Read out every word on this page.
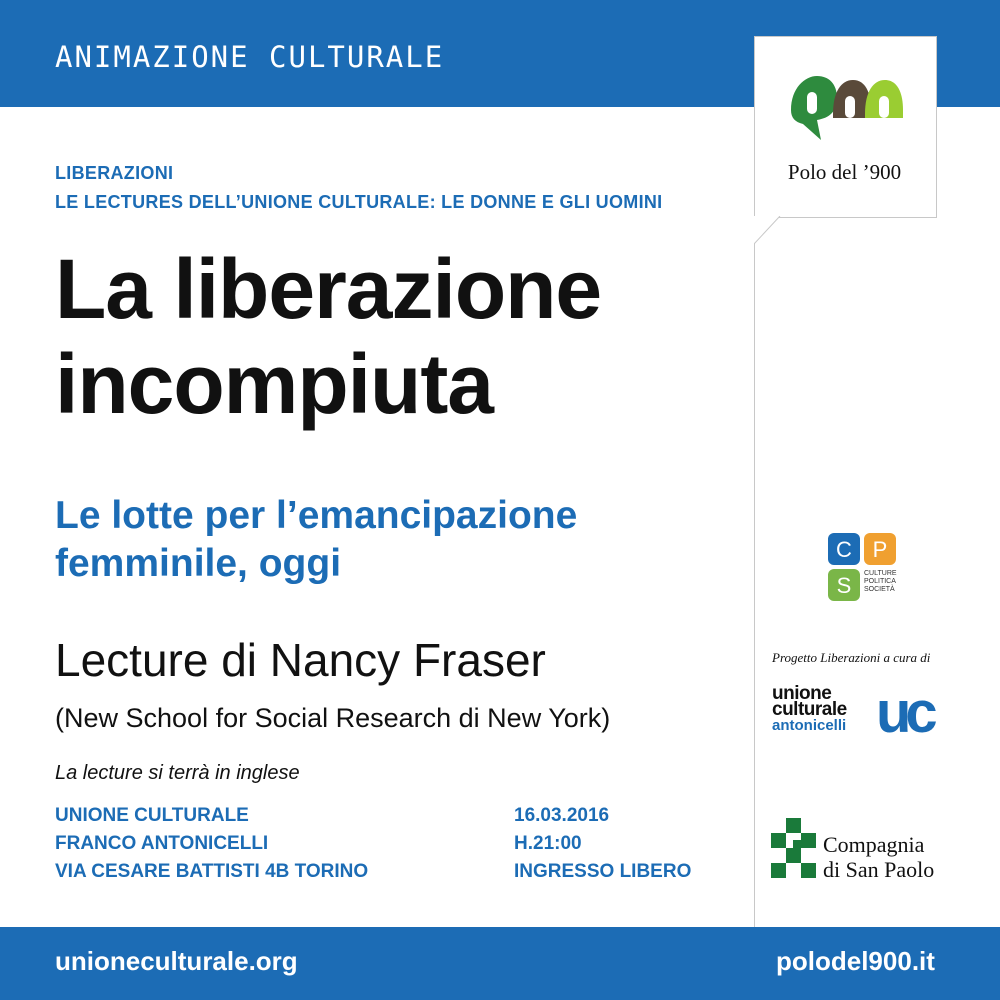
ANIMAZIONE CULTURALE
Polo del ’900
C P
S CULTURE
POLITICA
SOCIETÀ
Progetto Liberazioni a cura di
unione
culturale
antonicelli uc
Compagnia
di San Paolo
LIBERAZIONI
LE LECTURES DELL’UNIONE CULTURALE: LE DONNE E GLI UOMINI
La liberazione
incompiuta
Le lotte per l’emancipazione
femminile, oggi
Lecture di Nancy Fraser
(New School for Social Research di New York)
La lecture si terrà in inglese
UNIONE CULTURALE
FRANCO ANTONICELLI
VIA CESARE BATTISTI 4B TORINO
16.03.2016
H.21:00
INGRESSO LIBERO
unioneculturale.org	polodel900.it
